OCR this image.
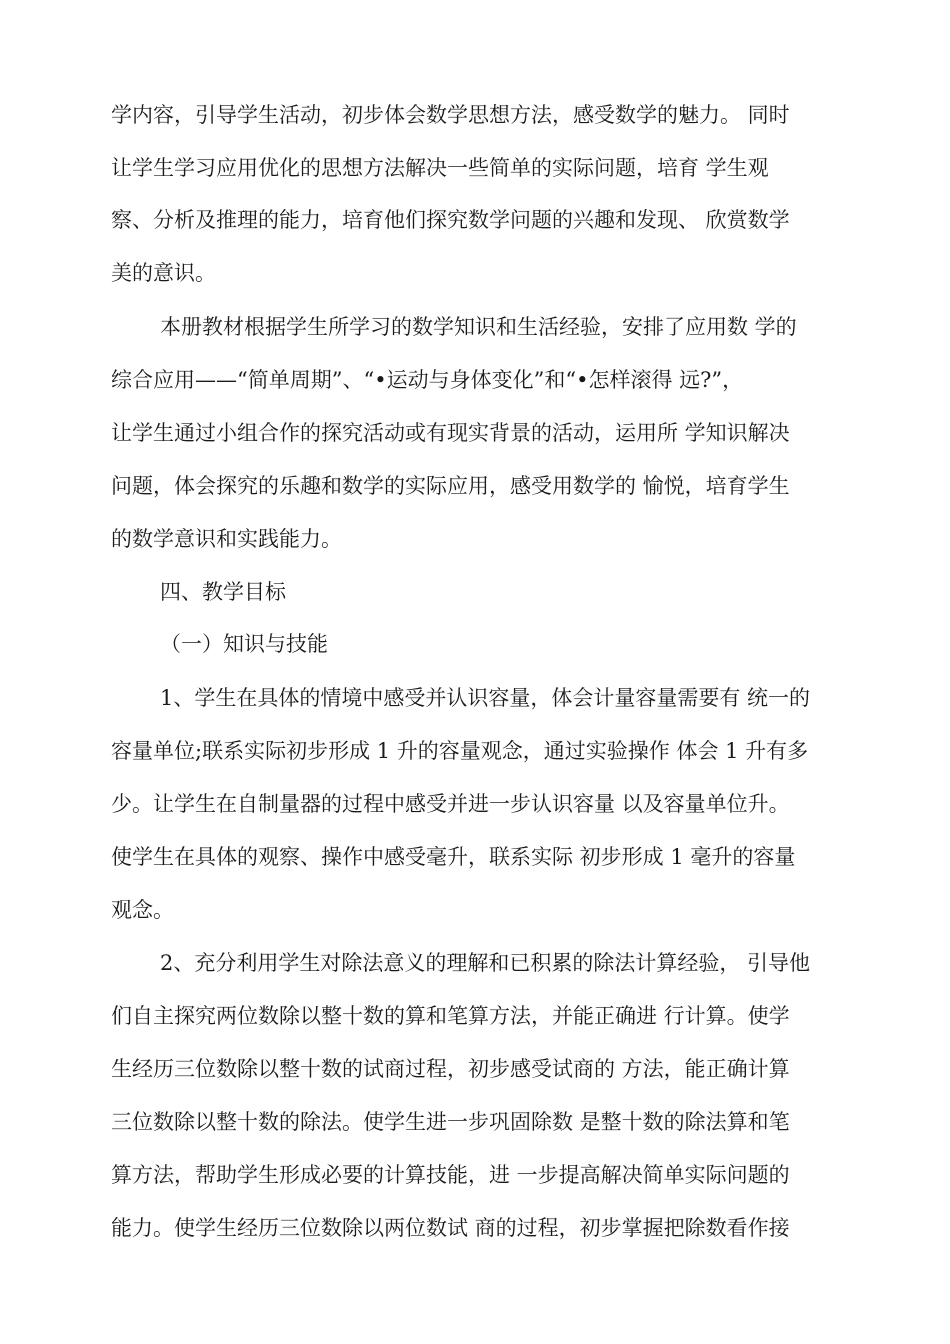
学内容，引导学生活动，初步体会数学思想方法，感受数学的魅力。 同时
让学生学习应用优化的思想方法解决一些简单的实际问题，培育 学生观
察、分析及推理的能力，培育他们探究数学问题的兴趣和发现、 欣赏数学
美的意识。
本册教材根据学生所学习的数学知识和生活经验，安排了应用数 学的
综合应用——“简单周期”、“•运动与身体变化”和“•怎样滚得 远?”，
让学生通过小组合作的探究活动或有现实背景的活动，运用所 学知识解决
问题，体会探究的乐趣和数学的实际应用，感受用数学的 愉悦，培育学生
的数学意识和实践能力。
四、教学目标
（一）知识与技能
1、学生在具体的情境中感受并认识容量，体会计量容量需要有 统一的
容量单位;联系实际初步形成 1 升的容量观念，通过实验操作 体会 1 升有多
少。让学生在自制量器的过程中感受并进一步认识容量 以及容量单位升。
使学生在具体的观察、操作中感受毫升，联系实际 初步形成 1 毫升的容量
观念。
2、充分利用学生对除法意义的理解和已积累的除法计算经验， 引导他
们自主探究两位数除以整十数的算和笔算方法，并能正确进 行计算。使学
生经历三位数除以整十数的试商过程，初步感受试商的 方法，能正确计算
三位数除以整十数的除法。使学生进一步巩固除数 是整十数的除法算和笔
算方法，帮助学生形成必要的计算技能，进 一步提高解决简单实际问题的
能力。使学生经历三位数除以两位数试 商的过程，初步掌握把除数看作接
